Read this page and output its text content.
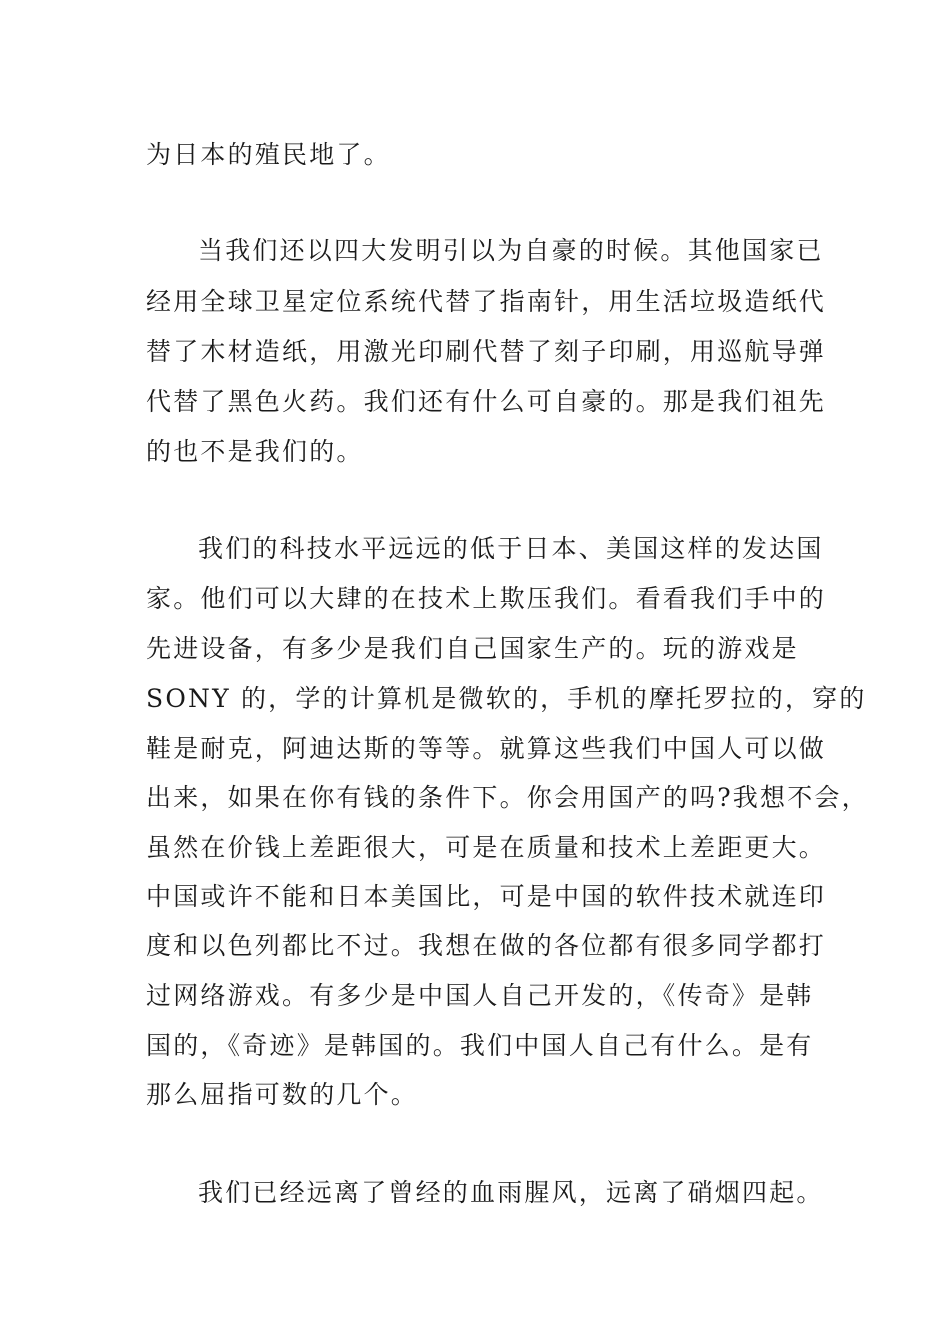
为日本的殖民地了。
当我们还以四大发明引以为自豪的时候。其他国家已
经用全球卫星定位系统代替了指南针，用生活垃圾造纸代
替了木材造纸，用激光印刷代替了刻子印刷，用巡航导弹
代替了黑色火药。我们还有什么可自豪的。那是我们祖先
的也不是我们的。
我们的科技水平远远的低于日本、美国这样的发达国
家。他们可以大肆的在技术上欺压我们。看看我们手中的
先进设备，有多少是我们自己国家生产的。玩的游戏是
SONY 的，学的计算机是微软的，手机的摩托罗拉的，穿的
鞋是耐克，阿迪达斯的等等。就算这些我们中国人可以做
出来，如果在你有钱的条件下。你会用国产的吗?我想不会，
虽然在价钱上差距很大，可是在质量和技术上差距更大。
中国或许不能和日本美国比，可是中国的软件技术就连印
度和以色列都比不过。我想在做的各位都有很多同学都打
过网络游戏。有多少是中国人自己开发的，《传奇》是韩
国的，《奇迹》是韩国的。我们中国人自己有什么。是有
那么屈指可数的几个。
我们已经远离了曾经的血雨腥风，远离了硝烟四起。
